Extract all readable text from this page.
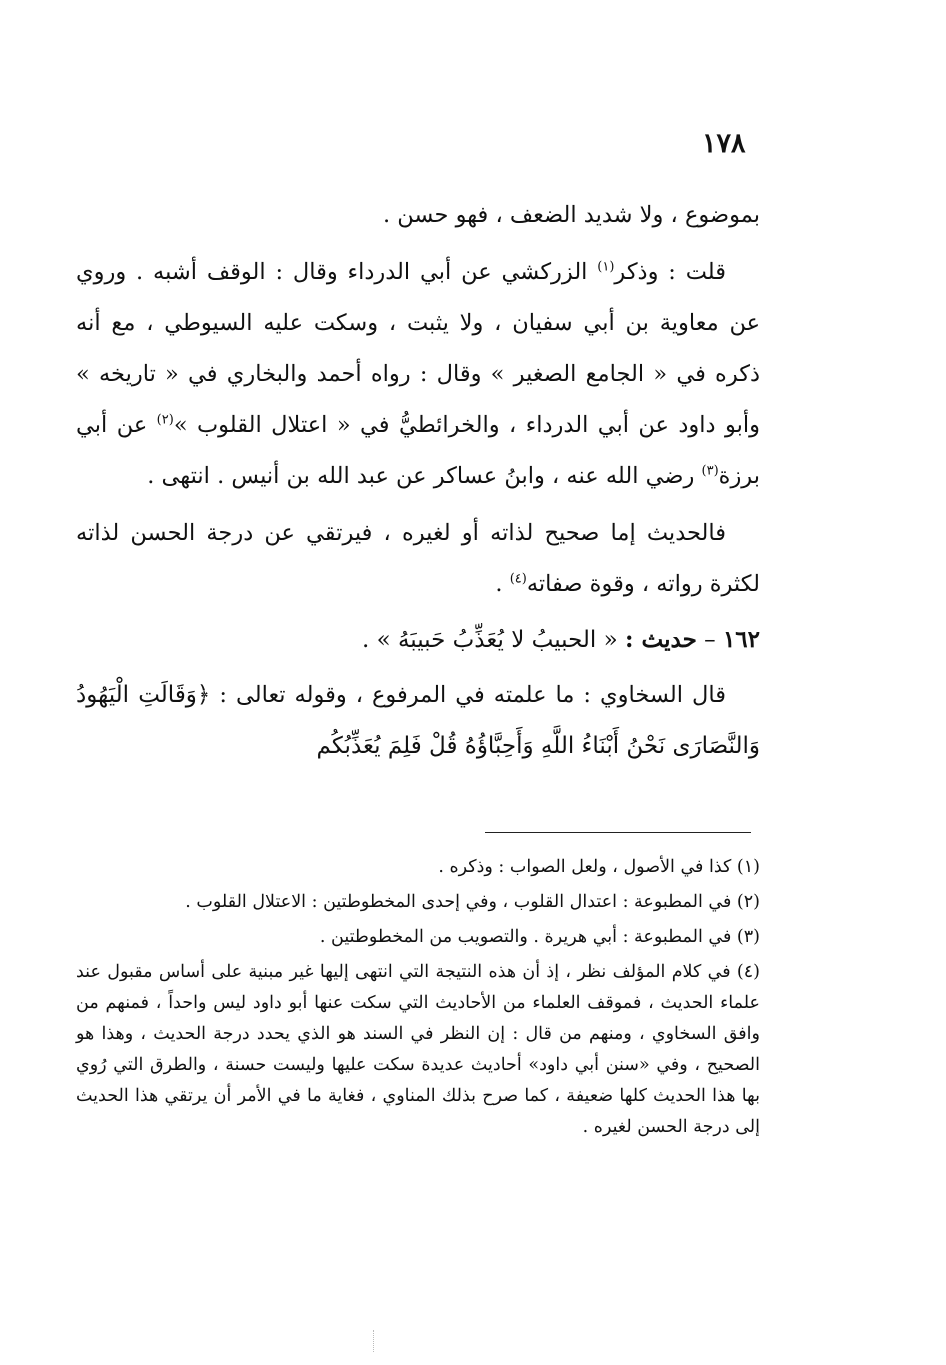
١٧٨

بموضوع ، ولا شديد الضعف ، فهو حسن .

قلت : وذكر$^{(١)}$ الزركشي عن أبي الدرداء وقال : الوقف أشبه . وروي عن معاوية بن أبي سفيان ، ولا يثبت ، وسكت عليه السيوطي ، مع أنه ذكره في « الجامع الصغير » وقال : رواه أحمد والبخاري في « تاريخه » وأبو داود عن أبي الدرداء ، والخرائطيُّ في « اعتلال القلوب »$^{(٢)}$ عن أبي برزة$^{(٣)}$ رضي الله عنه ، وابنُ عساكر عن عبد الله بن أنيس . انتهى .

فالحديث إما صحيح لذاته أو لغيره ، فيرتقي عن درجة الحسن لذاته لكثرة رواته ، وقوة صفاته$^{(٤)}$ .

١٦٢ – حديث : « الحبيبُ لا يُعَذِّبُ حَبيبَهُ » .

قال السخاوي : ما علمته في المرفوع ، وقوله تعالى : ﴿وَقَالَتِ الْيَهُودُ وَالنَّصَارَى نَحْنُ أَبْنَاءُ اللَّهِ وَأَحِبَّاؤُهُ قُلْ فَلِمَ يُعَذِّبُكُم

(١) كذا في الأصول ، ولعل الصواب : وذكره .

(٢) في المطبوعة : اعتدال القلوب ، وفي إحدى المخطوطتين : الاعتلال القلوب .

(٣) في المطبوعة : أبي هريرة . والتصويب من المخطوطتين .

(٤) في كلام المؤلف نظر ، إذ أن هذه النتيجة التي انتهى إليها غير مبنية على أساس مقبول عند علماء الحديث ، فموقف العلماء من الأحاديث التي سكت عنها أبو داود ليس واحداً ، فمنهم من وافق السخاوي ، ومنهم من قال : إن النظر في السند هو الذي يحدد درجة الحديث ، وهذا هو الصحيح ، وفي «سنن أبي داود» أحاديث عديدة سكت عليها وليست حسنة ، والطرق التي رُوي بها هذا الحديث كلها ضعيفة ، كما صرح بذلك المناوي ، فغاية ما في الأمر أن يرتقي هذا الحديث إلى درجة الحسن لغيره .
